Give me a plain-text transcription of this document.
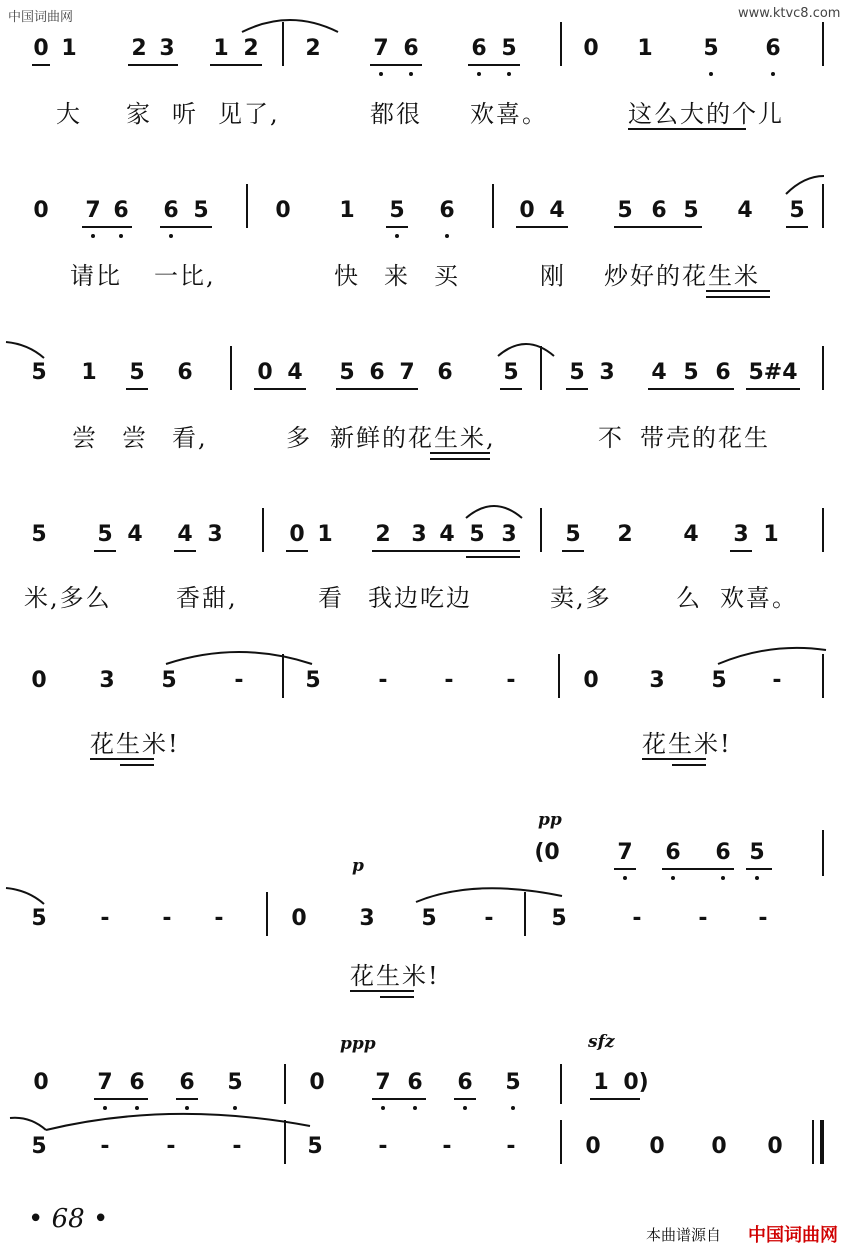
中国词曲网	www.ktvc8.com
0 1 2 3 1 2 2 7 6 6 5	0 1 5 6
大 家 听 见了,	都很 欢喜。	这么大的个儿
0 7 6 6 5	0 1 5 6	0 4 5 6 5 4 5
请比 一比,	快 来 买	刚 炒好的花生米
5 1 5 6	0 4 5 6 7 6 5 5 3 4 5 6 5#4
尝 尝 看,	多 新鲜的花生米,	不 带壳的花生
5 5 4 4 3	0 1 2 3 4 5 3 5 2 4 3 1
米,多么	香甜,	看 我边吃边	卖,多	么 欢喜。
0 3 5	-	5	-	- -	0 3 5 -
花生米!	花生米!
p
pp
(0	7 6 6 5
5 - - -	0 3 5 -	5	-	- -
花生米!
ppp	sfz
0 7 6 6 5	0 7 6 6 5	1 0)
5 -	-	-	5	- - -	0 0 0 0
• 68 •
本曲谱源自 中国词曲网
